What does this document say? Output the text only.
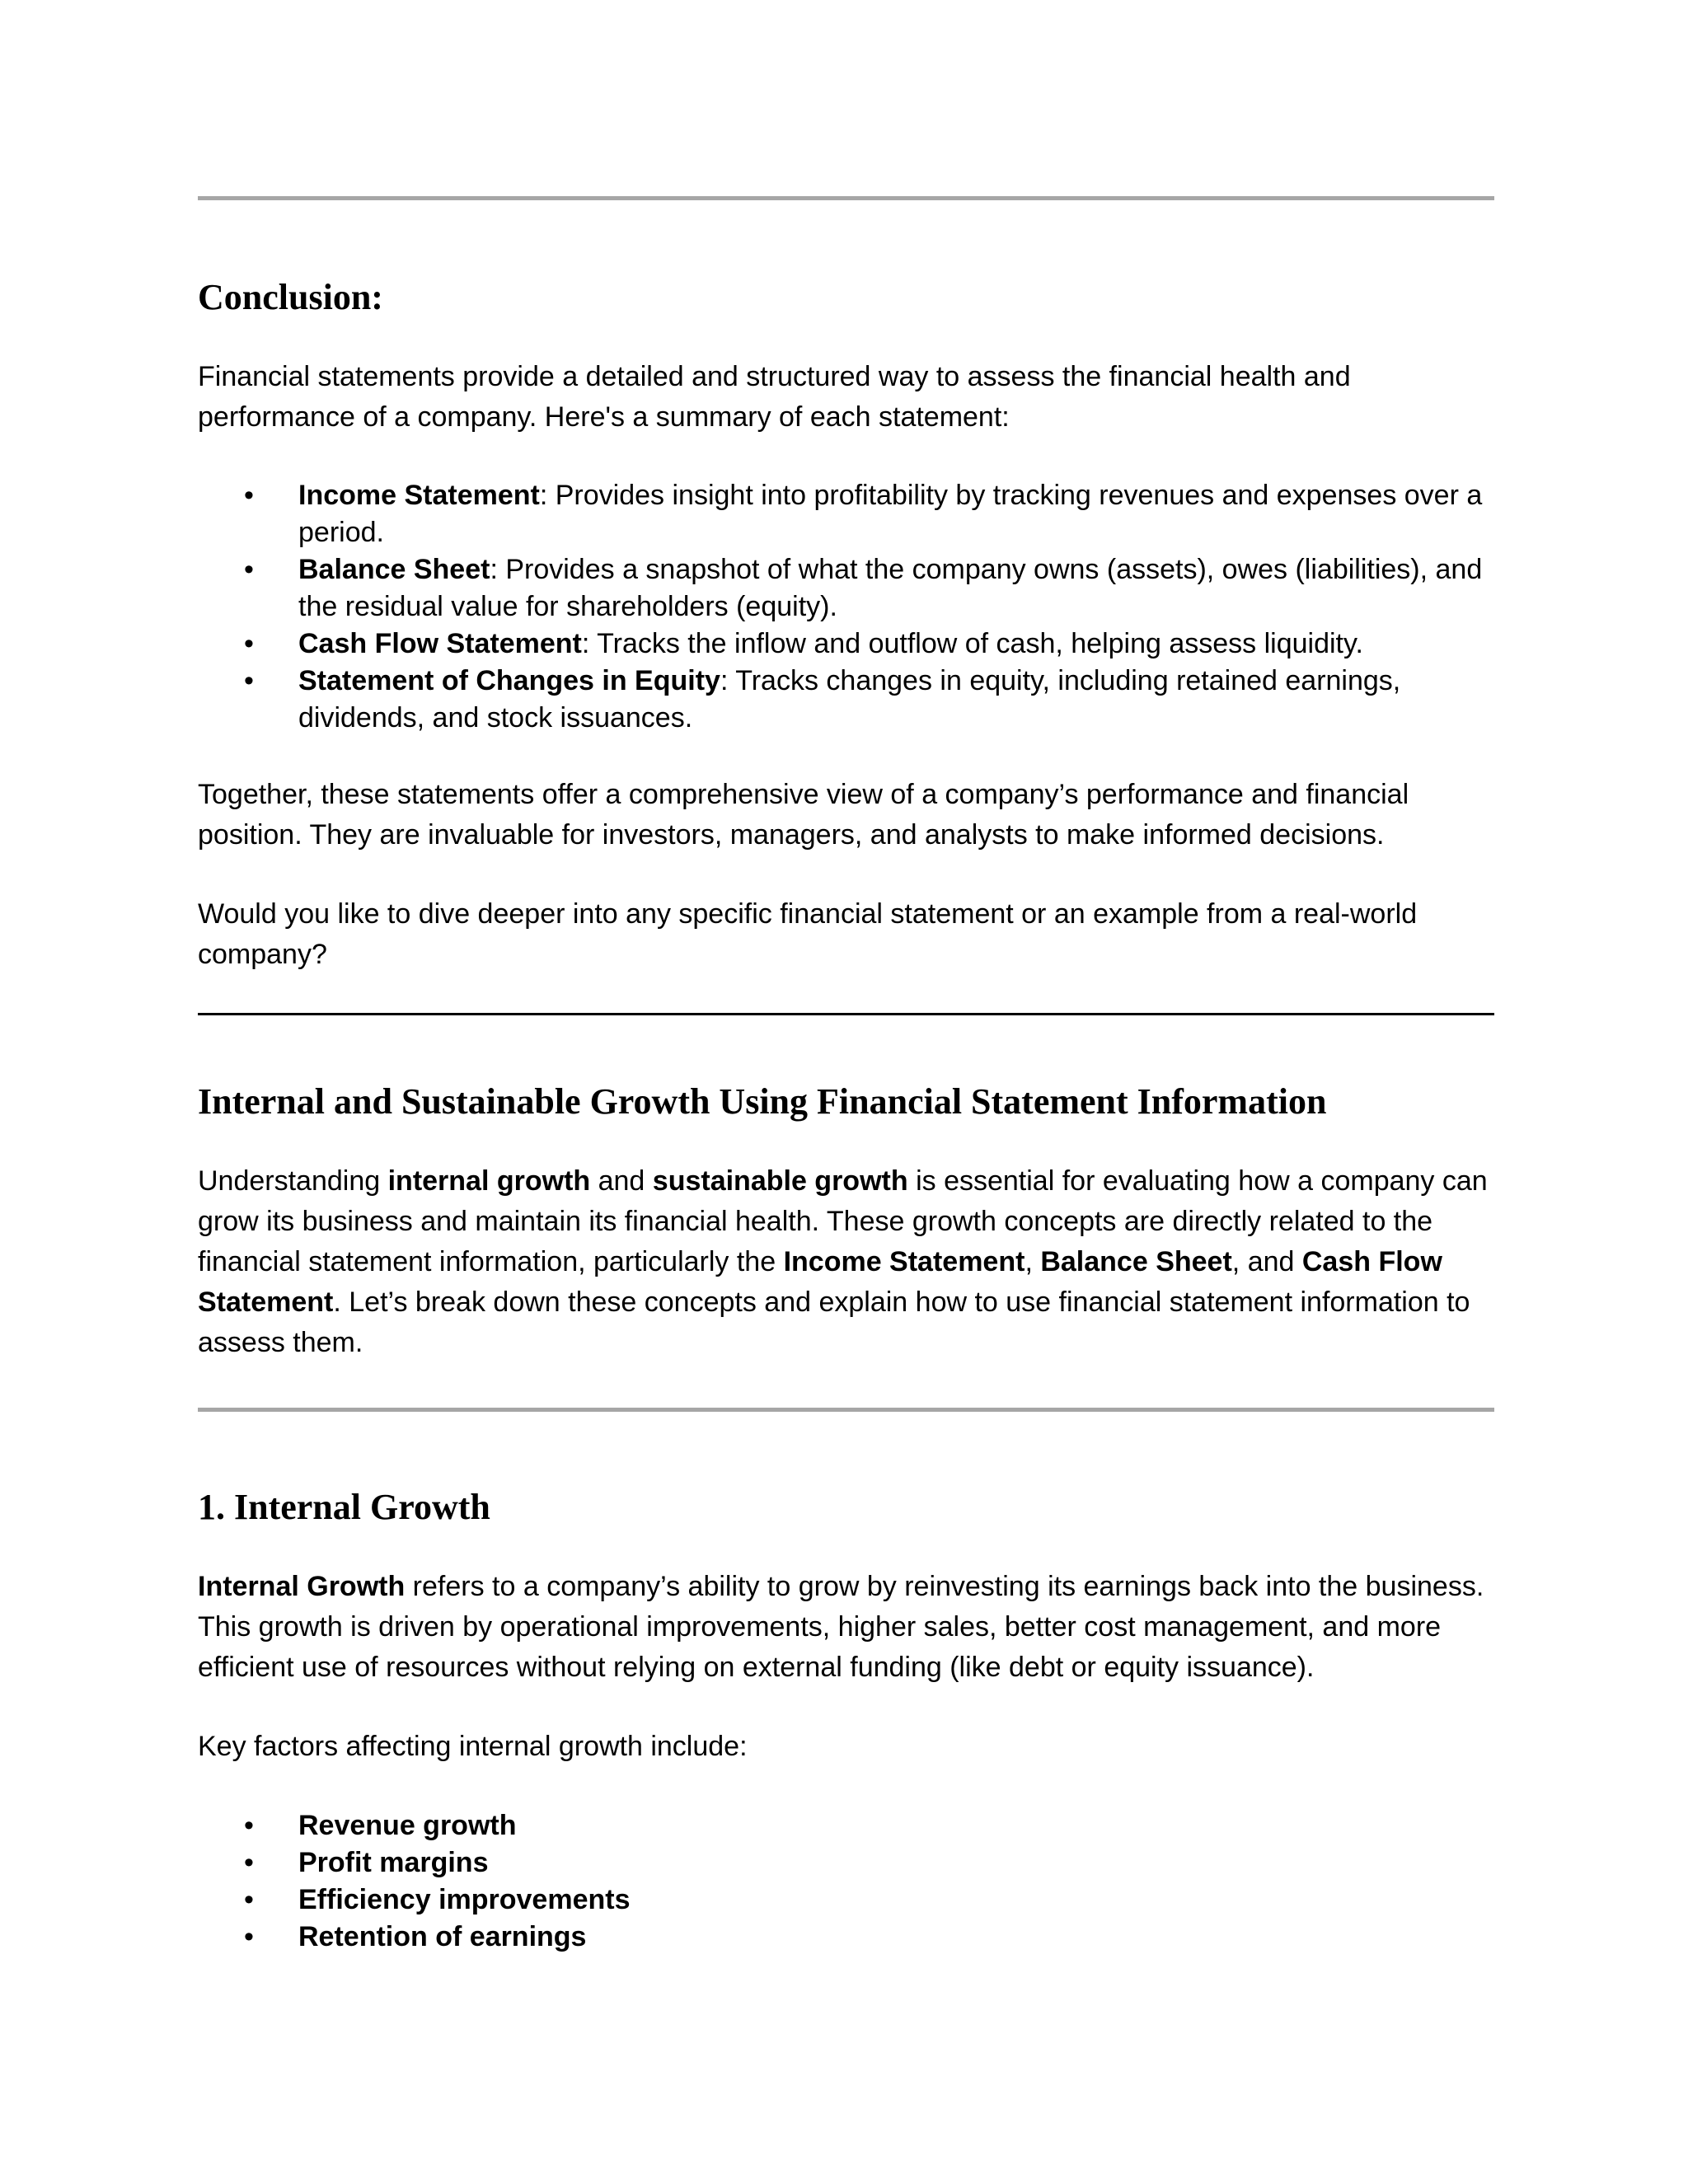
Conclusion:

Financial statements provide a detailed and structured way to assess the financial health and performance of a company. Here's a summary of each statement:

• Income Statement: Provides insight into profitability by tracking revenues and expenses over a period.
• Balance Sheet: Provides a snapshot of what the company owns (assets), owes (liabilities), and the residual value for shareholders (equity).
• Cash Flow Statement: Tracks the inflow and outflow of cash, helping assess liquidity.
• Statement of Changes in Equity: Tracks changes in equity, including retained earnings, dividends, and stock issuances.

Together, these statements offer a comprehensive view of a company’s performance and financial position. They are invaluable for investors, managers, and analysts to make informed decisions.

Would you like to dive deeper into any specific financial statement or an example from a real-world company?

Internal and Sustainable Growth Using Financial Statement Information

Understanding internal growth and sustainable growth is essential for evaluating how a company can grow its business and maintain its financial health. These growth concepts are directly related to the financial statement information, particularly the Income Statement, Balance Sheet, and Cash Flow Statement. Let’s break down these concepts and explain how to use financial statement information to assess them.

1. Internal Growth

Internal Growth refers to a company’s ability to grow by reinvesting its earnings back into the business. This growth is driven by operational improvements, higher sales, better cost management, and more efficient use of resources without relying on external funding (like debt or equity issuance).

Key factors affecting internal growth include:

• Revenue growth
• Profit margins
• Efficiency improvements
• Retention of earnings
